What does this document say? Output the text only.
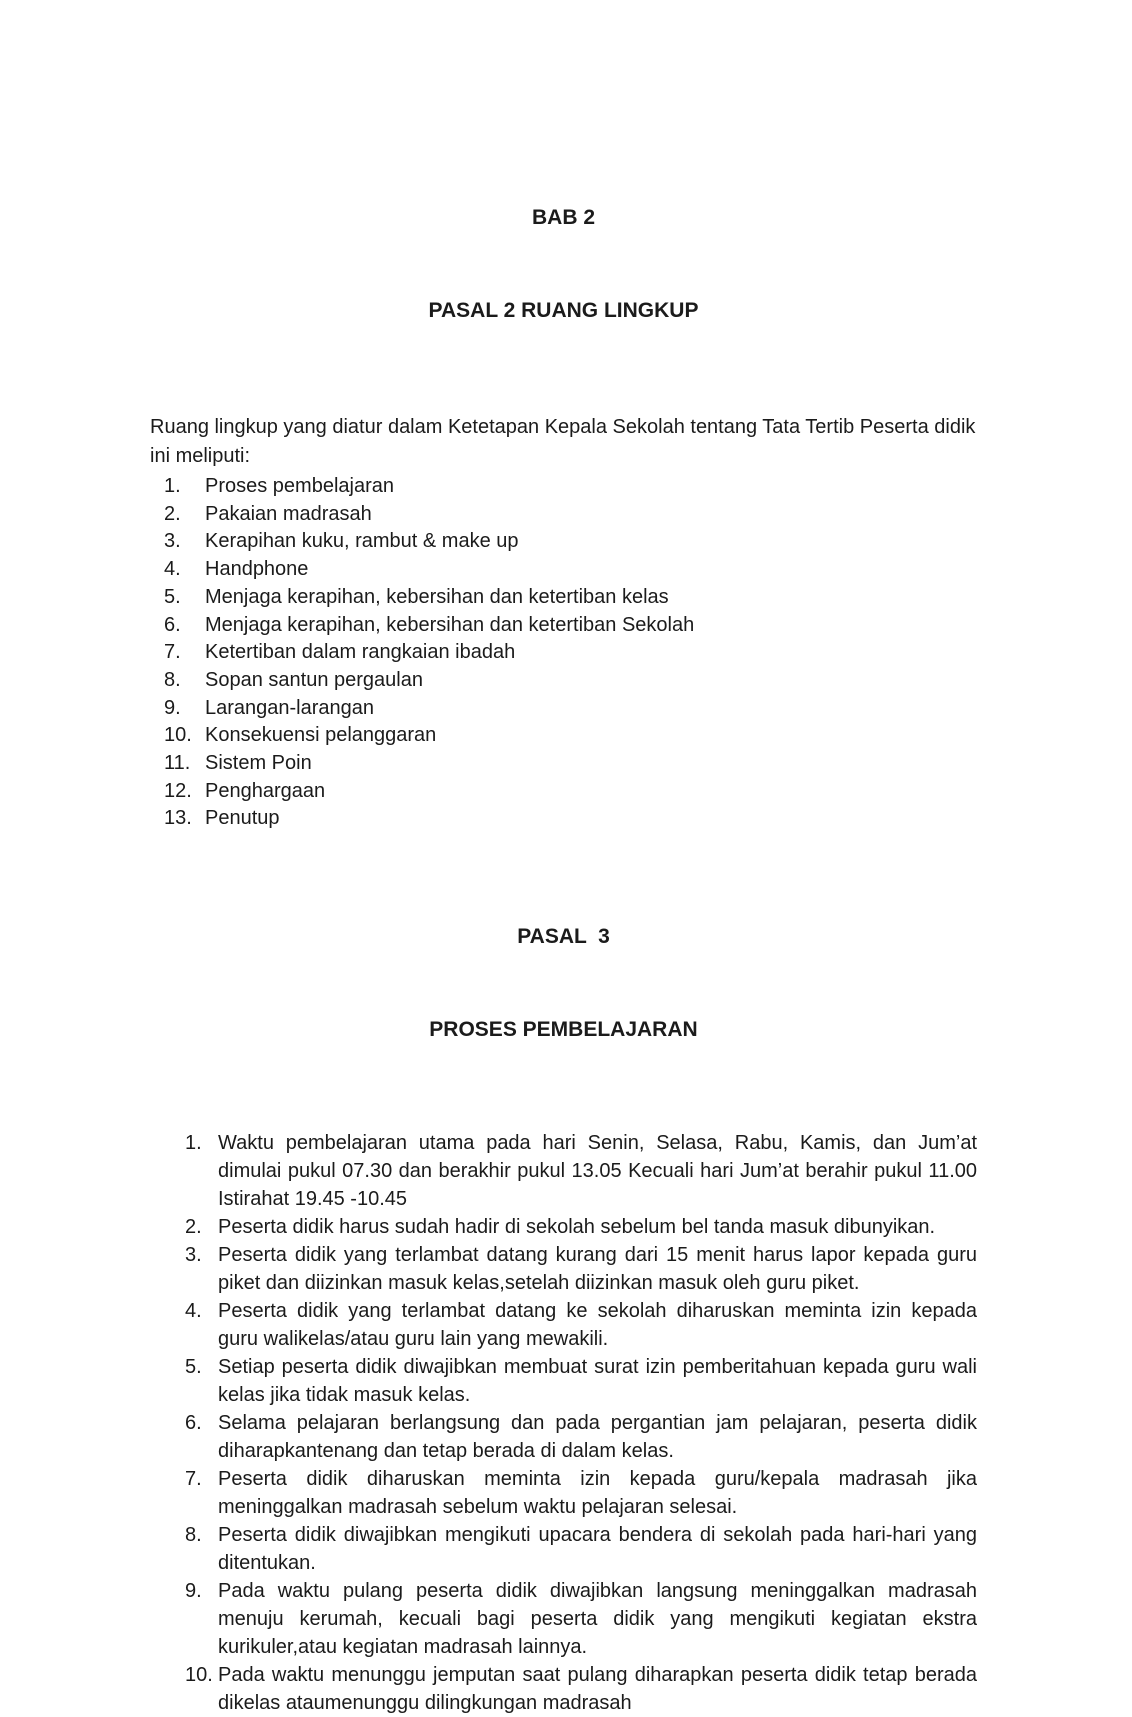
BAB 2

PASAL 2 RUANG LINGKUP

Ruang lingkup yang diatur dalam Ketetapan Kepala Sekolah tentang Tata Tertib Peserta didik ini meliputi:

1.	Proses pembelajaran
2.	Pakaian madrasah
3.	Kerapihan kuku, rambut & make up
4.	Handphone
5.	Menjaga kerapihan, kebersihan dan ketertiban kelas
6.	Menjaga kerapihan, kebersihan dan ketertiban Sekolah
7.	Ketertiban dalam rangkaian ibadah
8.	Sopan santun pergaulan
9.	Larangan-larangan
10. Konsekuensi pelanggaran
11. Sistem Poin
12. Penghargaan
13. Penutup

PASAL  3

PROSES PEMBELAJARAN

1. Waktu pembelajaran utama pada hari Senin, Selasa, Rabu, Kamis, dan Jum’at dimulai pukul 07.30 dan berakhir pukul 13.05 Kecuali hari Jum’at berahir pukul 11.00 Istirahat 19.45 -10.45
2. Peserta didik harus sudah hadir di sekolah sebelum bel tanda masuk dibunyikan.
3. Peserta didik yang terlambat datang kurang dari 15 menit harus lapor kepada guru piket dan diizinkan masuk kelas,setelah diizinkan masuk oleh guru piket.
4. Peserta didik yang terlambat datang ke sekolah diharuskan meminta izin kepada guru walikelas/atau guru lain yang mewakili.
5. Setiap peserta didik diwajibkan membuat surat izin pemberitahuan kepada guru wali kelas jika tidak masuk kelas.
6. Selama pelajaran berlangsung dan pada pergantian jam pelajaran, peserta didik diharapkantenang dan tetap berada di dalam kelas.
7. Peserta didik diharuskan meminta izin kepada guru/kepala madrasah jika meninggalkan madrasah sebelum waktu pelajaran selesai.
8. Peserta didik diwajibkan mengikuti upacara bendera di sekolah pada hari-hari yang ditentukan.
9. Pada waktu pulang peserta didik diwajibkan langsung meninggalkan madrasah menuju kerumah, kecuali bagi peserta didik yang mengikuti kegiatan ekstra kurikuler,atau kegiatan madrasah lainnya.
10. Pada waktu menunggu jemputan saat pulang diharapkan peserta didik tetap berada dikelas ataumenunggu dilingkungan madrasah
